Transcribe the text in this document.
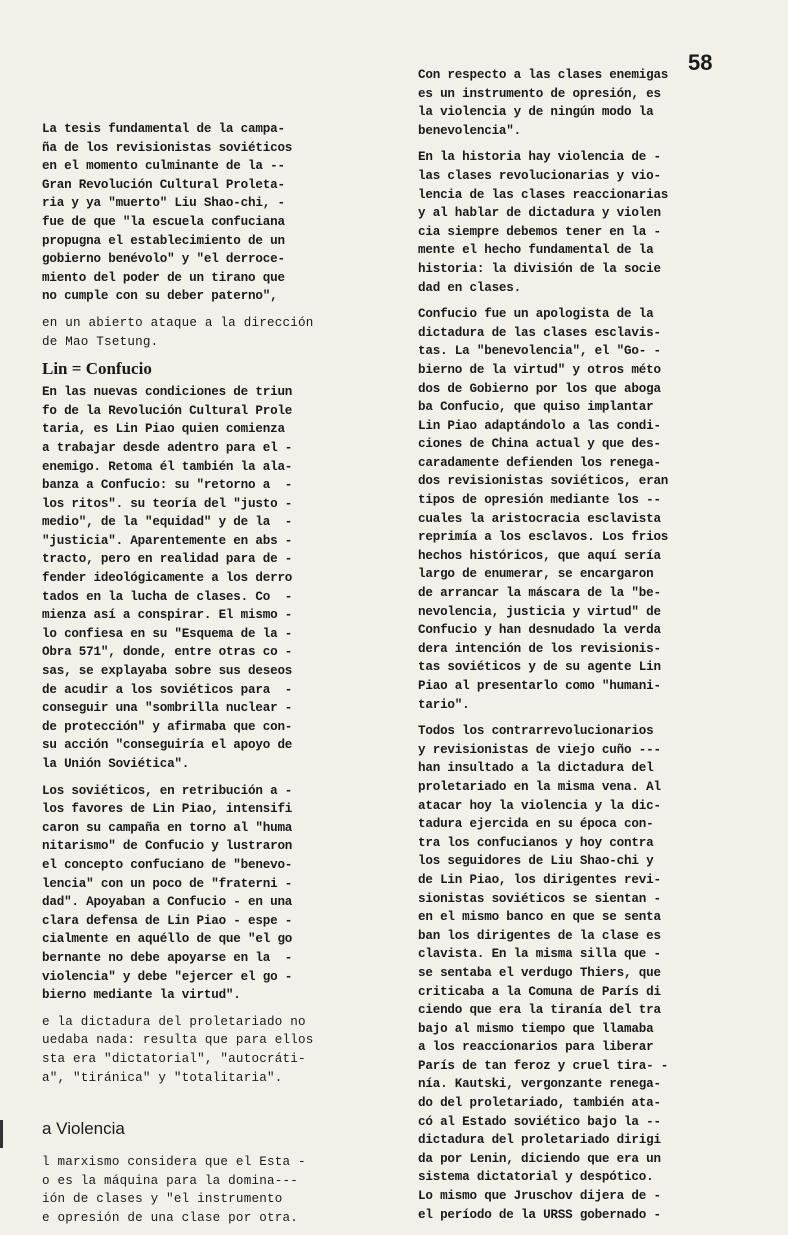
58
La tesis fundamental de la campa-
ña de los revisionistas soviéticos
en el momento culminante de la --
Gran Revolución Cultural Proleta-
ria y ya "muerto" Liu Shao-chi, -
fue de que "la escuela confuciana
propugna el establecimiento de un
gobierno benévolo" y "el derroce-
miento del poder de un tirano que
no cumple con su deber paterno",
en un abierto ataque a la dirección
de Mao Tsetung.
Lin = Confucio
En las nuevas condiciones de triun
fo de la Revolución Cultural Prole
taria, es Lin Piao quien comienza
a trabajar desde adentro para el -
enemigo. Retoma él también la ala-
banza a Confucio: su "retorno a  -
los ritos". su teoría del "justo -
medio", de la "equidad" y de la  -
"justicia". Aparentemente en abs -
tracto, pero en realidad para de -
fender ideológicamente a los derro
tados en la lucha de clases. Co  -
mienza así a conspirar. El mismo -
lo confiesa en su "Esquema de la -
Obra 571", donde, entre otras co -
sas, se explayaba sobre sus deseos
de acudir a los soviéticos para  -
conseguir una "sombrilla nuclear -
de protección" y afirmaba que con-
su acción "conseguiría el apoyo de
la Unión Soviética".
Los soviéticos, en retribución a -
los favores de Lin Piao, intensifi
caron su campaña en torno al "huma
nitarismo" de Confucio y lustraron
el concepto confuciano de "benevo-
lencia" con un poco de "fraterni -
dad". Apoyaban a Confucio - en una
clara defensa de Lin Piao - espe -
cialmente en aquéllo de que "el go
bernante no debe apoyarse en la  -
violencia" y debe "ejercer el go -
bierno mediante la virtud".
e la dictadura del proletariado no
uedaba nada: resulta que para ellos
sta era "dictatorial", "autocráti-
a", "tiránica" y "totalitaria".
a Violencia
l marxismo considera que el Esta -
o es la máquina para la domina---
ión de clases y "el instrumento
e opresión de una clase por otra.
Con respecto a las clases enemigas
es un instrumento de opresión, es
la violencia y de ningún modo la
benevolencia".
En la historia hay violencia de -
las clases revolucionarias y vio-
lencia de las clases reaccionarias
y al hablar de dictadura y violen
cia siempre debemos tener en la -
mente el hecho fundamental de la
historia: la división de la socie
dad en clases.
Confucio fue un apologista de la
dictadura de las clases esclavis-
tas. La "benevolencia", el "Go- -
bierno de la virtud" y otros méto
dos de Gobierno por los que aboga
ba Confucio, que quiso implantar
Lin Piao adaptándolo a las condi-
ciones de China actual y que des-
caradamente defienden los renega-
dos revisionistas soviéticos, eran
tipos de opresión mediante los --
cuales la aristocracia esclavista
reprimía a los esclavos. Los frios
hechos históricos, que aquí sería
largo de enumerar, se encargaron
de arrancar la máscara de la "be-
nevolencia, justicia y virtud" de
Confucio y han desnudado la verda
dera intención de los revisionis-
tas soviéticos y de su agente Lin
Piao al presentarlo como "humani-
tario".
Todos los contrarrevolucionarios
y revisionistas de viejo cuño ---
han insultado a la dictadura del
proletariado en la misma vena. Al
atacar hoy la violencia y la dic-
tadura ejercida en su época con-
tra los confucianos y hoy contra
los seguidores de Liu Shao-chi y
de Lin Piao, los dirigentes revi-
sionistas soviéticos se sientan -
en el mismo banco en que se senta
ban los dirigentes de la clase es
clavista. En la misma silla que -
se sentaba el verdugo Thiers, que
criticaba a la Comuna de París di
ciendo que era la tiranía del tra
bajo al mismo tiempo que llamaba
a los reaccionarios para liberar
París de tan feroz y cruel tira- -
nía. Kautski, vergonzante renega-
do del proletariado, también ata-
có al Estado soviético bajo la --
dictadura del proletariado dirigi
da por Lenin, diciendo que era un
sistema dictatorial y despótico.
Lo mismo que Jruschov dijera de -
el período de la URSS gobernado -
